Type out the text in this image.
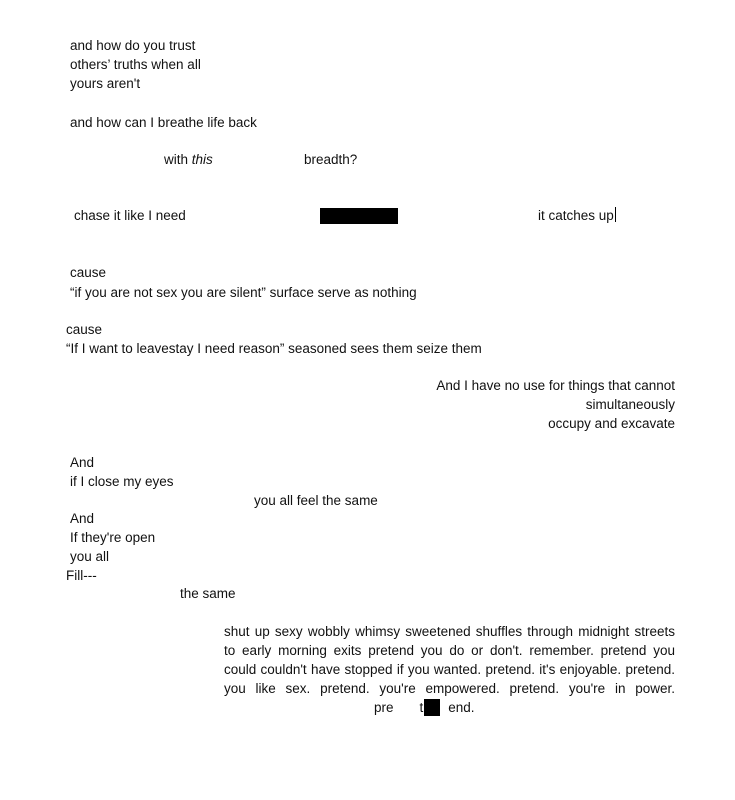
and how do you trust
others’ truths when all
yours aren't
and how can I breathe life back
with this	breadth?
chase it like I need	it catches up
cause
“if you are not sex you are silent” surface serve as nothing
cause
“If I want to leavestay I need reason” seasoned sees them seize them
And I have no use for things that cannot
simultaneously
occupy and excavate
And
if I close my eyes
you all feel the same
And
If they're open
you all
Fill---
the same
shut up sexy wobbly whimsy sweetened shuffles through midnight streets to early morning exits pretend you do or don't. remember. pretend you could couldn't have stopped if you wanted. pretend. it's enjoyable. pretend. you like sex. pretend. you're empowered. pretend. you're in power.pre t end.
